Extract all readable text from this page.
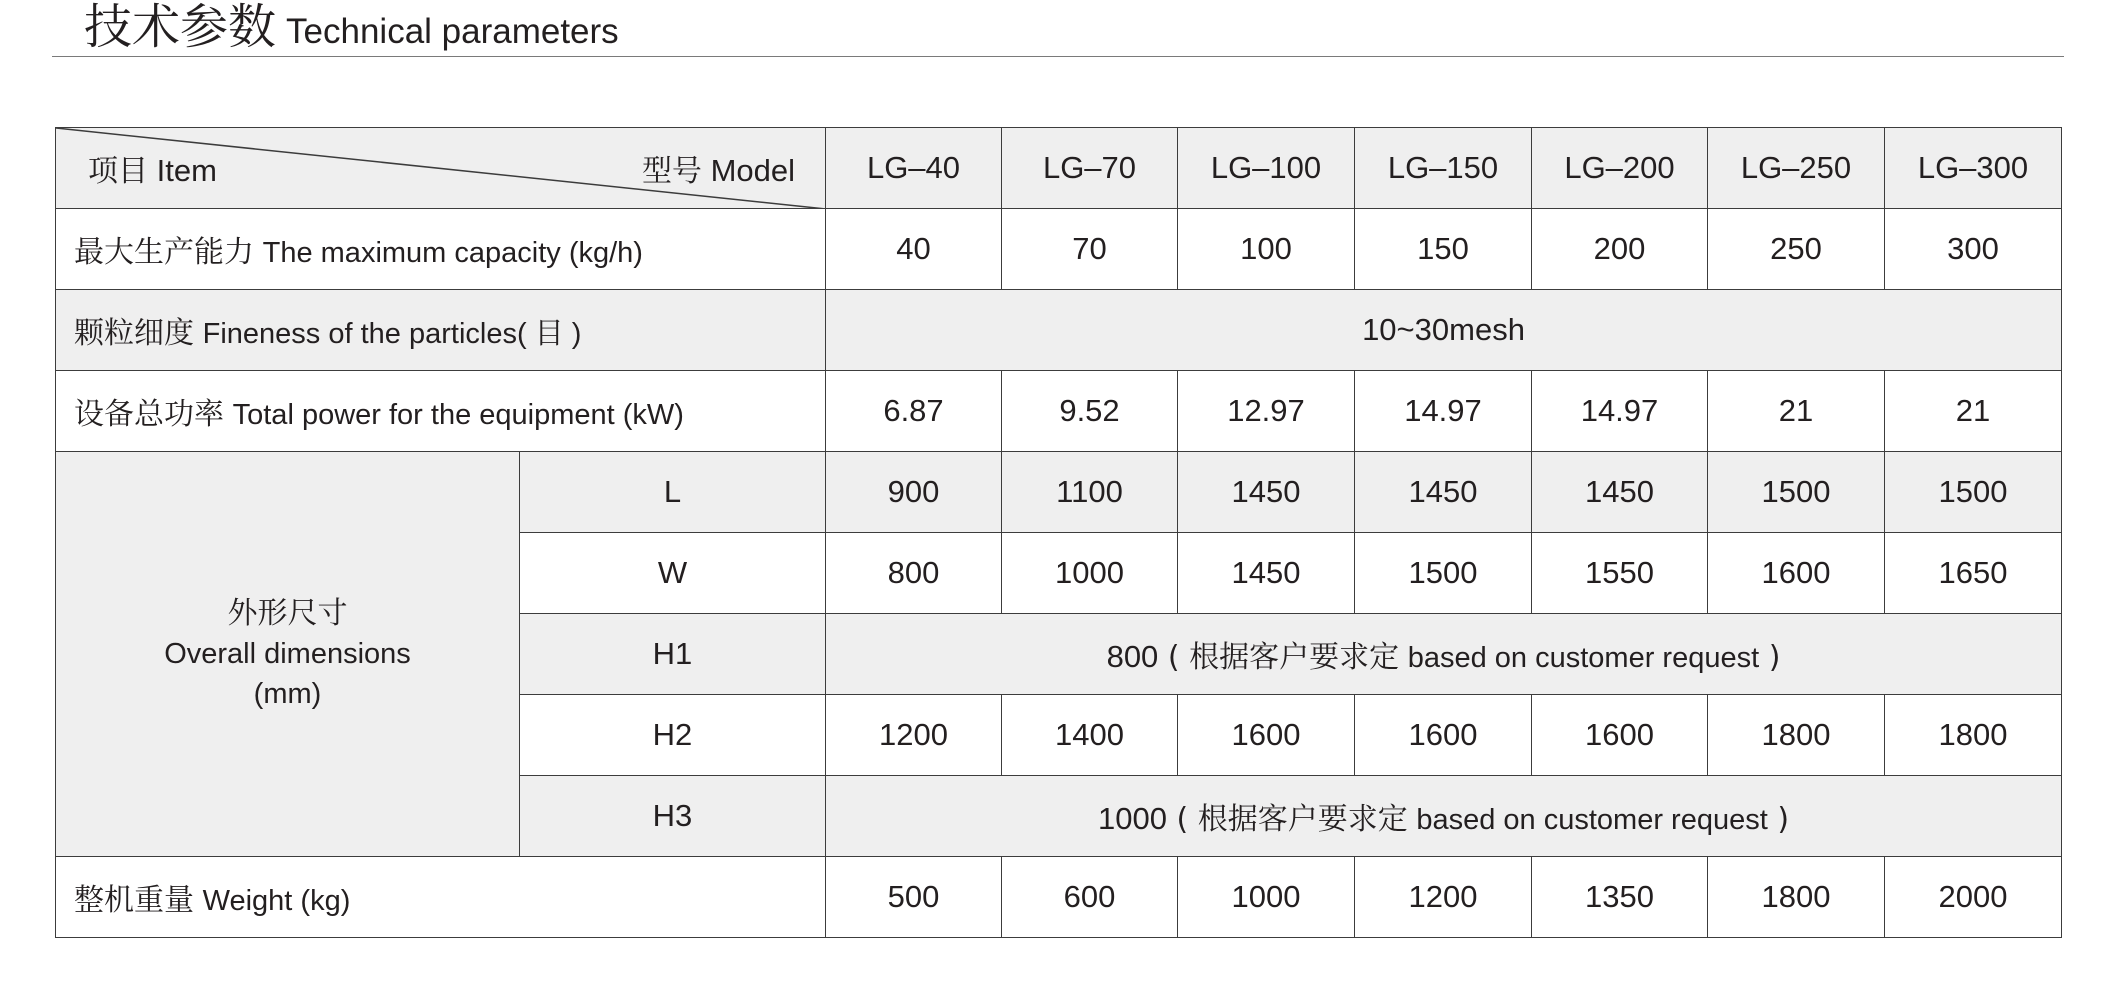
技术参数 Technical parameters
项目 Item 型号 Model		LG–40	LG–70	LG–100	LG–150	LG–200	LG–250	LG–300
最大生产能力 The maximum capacity (kg/h)		40	70	100	150	200	250	300
颗粒细度 Fineness of the particles( 目 )		10~30mesh						
设备总功率 Total power for the equipment (kW)		6.87	9.52	12.97	14.97	14.97	21	21

外形尺寸
Overall dimensions
(mm)	L	900	1100	1450	1450	1450	1500	1500
	W	800	1000	1450	1500	1550	1600	1650
	H1	800 ( 根据客户要求定 based on customer request )						
	H2	1200	1400	1600	1600	1600	1800	1800
	H3	1000 ( 根据客户要求定 based on customer request )						
整机重量 Weight (kg)		500	600	1000	1200	1350	1800	2000
